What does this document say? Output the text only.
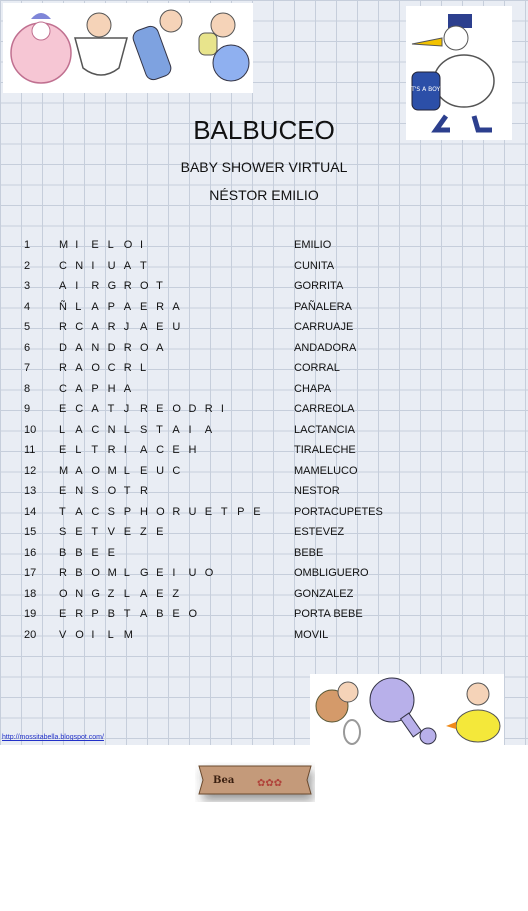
IT'S A BOY!
BALBUCEO
BABY SHOWER VIRTUAL
NÉSTOR EMILIO
1	M I E L O I	EMILIO
2	C N I U A T	CUNITA
3	A I R G R O T	GORRITA
4	Ñ L A P A E R A	PAÑALERA
5	R C A R J A E U	CARRUAJE
6	D A N D R O A	ANDADORA
7	R A O C R L	CORRAL
8	C A P H A	CHAPA
9	E C A T J R E O D R I	CARREOLA
10 L A C N L S T A I A	LACTANCIA
11 E L T R I A C E H	TIRALECHE
12 M A O M L E U C	MAMELUCO
13 E N S O T R	NESTOR
14 T A C S P H O R U E T P E	PORTACUPETES
15 S E T V E Z E	ESTEVEZ
16 B B E E	BEBE
17 R B O M L G E I U O	OMBLIGUERO
18 O N G Z L A E Z	GONZALEZ
19 E R P B T A B E O	PORTA BEBE
20 V O I L M	MOVIL
http://mossitabella.blogspot.com/
Bea ✿✿✿
